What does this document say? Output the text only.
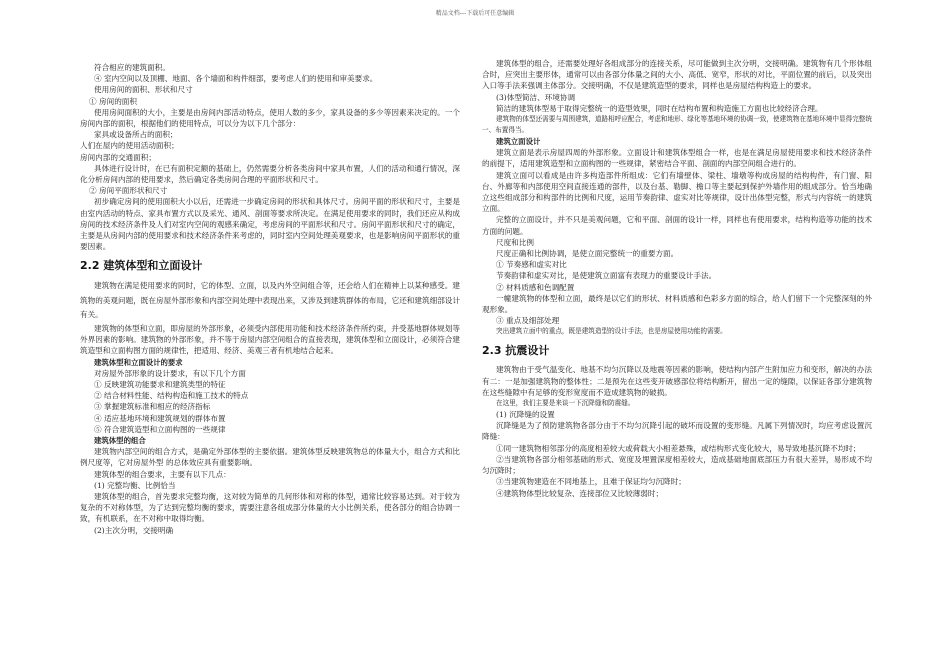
精品文档---下载后可任意编辑

符合相应的建筑面积。

④ 室内空间以及顶棚、地面、各个墙面和构件细部，要考虑人们的使用和审美要求。

使用房间的面积、形状和尺寸

① 房间的面积

使用房间面积的大小，主要是由房间内部活动特点，使用人数的多少，家具设备的多少等因素来决定的。一个房间内部的面积，根据他们的使用特点，可以分为以下几个部分：

家具或设备所占的面积；

人们在屋内的使用活动面积；

房间内部的交通面积；

具体进行设计时，在已有面积定额的基础上，仍然需要分析各类房间中家具布置，人们的活动和通行情况，深化分析房间内部的使用要求，然后确定各类房间合理的平面形状和尺寸。

② 房间平面形状和尺寸

初步确定房间的使用面积大小以后，还需进一步确定房间的形状和具体尺寸。房间平面的形状和尺寸，主要是由室内活动的特点、家具布置方式以及采光、通风、剖面等要求所决定。在满足使用要求的同时，我们还应从构成房间的技术经济条件及人们对室内空间的观感来确定，考虑房间的平面形状和尺寸。房间平面形状和尺寸的确定，主要是从房间内部的使用要求和技术经济条件来考虑的，同时室内空间处理美观要求，也是影响房间平面形状的重要因素。

2.2 建筑体型和立面设计

建筑物在满足使用要求的同时，它的体型、立面，以及内外空间组合等，还会给人们在精神上以某种感受。建筑物的美观问题，既在房屋外部形象和内部空间处理中表现出来，又涉及到建筑群体的布局，它还和建筑细部设计有关。

建筑物的体型和立面，即房屋的外部形象，必须受内部使用功能和技术经济条件所约束，并受基地群体规划等外界因素的影响。建筑物的外部形象，并不等于房屋内部空间组合的直接表现，建筑体型和立面设计，必须符合建筑造型和立面构图方面的规律性，把适用、经济、美观三者有机地结合起来。

建筑体型和立面设计的要求

对房屋外部形象的设计要求，有以下几个方面

① 反映建筑功能要求和建筑类型的特征

② 结合材料性能、结构构造和施工技术的特点

③ 掌握建筑标准和相应的经济指标

④ 适应基地环境和建筑规划的群体布置

⑤ 符合建筑造型和立面构图的一些规律

建筑体型的组合

建筑物内部空间的组合方式，是确定外部体型的主要依据。建筑体型反映建筑物总的体量大小，组合方式和比例尺度等，它对房屋外型 的总体效应具有重要影响。

建筑体型的组合要求，主要有以下几点：

(1) 完整均衡、比例恰当

建筑体型的组合，首先要求完整均衡，这对较为简单的几何形体和对称的体型，通常比较容易达到。对于较为复杂的不对称体型，为了达到完整均衡的要求，需要注意各组成部分体量的大小比例关系，使各部分的组合协调一致，有机联系，在不对称中取得均衡。

(2)主次分明，交接明确

建筑体型的组合，还需要处理好各组成部分的连接关系，尽可能做到主次分明，交接明确。建筑物有几个形体组合时，应突出主要形体，通常可以由各部分体量之间的大小、高低、宽窄，形状的对比，平面位置的前后，以及突出入口等手法来强调主体部分。交接明确，不仅是建筑造型的要求，同样也是房屋结构构造上的要求。

(3)体型简洁、环境协调

简洁的建筑体型易于取得完整统一的造型效果，同时在结构布置和构造施工方面也比较经济合理。

建筑物的体型还需要与周围建筑，道路相呼应配合，考虑和地形、绿化等基地环境的协调一致，使建筑物在基地环境中显得完整统一、布置得当。

建筑立面设计

建筑立面是表示房屋四周的外部形象。立面设计和建筑体型组合一样，也是在满足房屋使用要求和技术经济条件的前提下，适用建筑造型和立面构图的一些规律，紧密结合平面、剖面的内部空间组合进行的。

建筑立面可以看成是由许多构造部件所组成：它们有墙壁体、梁柱、墙墩等构成房屋的结构构件，有门窗、阳台、外廊等和内部使用空间直接连通的部件，以及台基、勒脚、檐口等主要起到保护外墙作用的组成部分。恰当地确立这些组成部分和构部件的比例和尺度，运用节奏韵律、虚实对比等规律，设计出体型完整，形式与内容统一的建筑立面。

完整的立面设计，并不只是美观问题，它和平面、剖面的设计一样，同样也有使用要求，结构构造等功能的技术方面的问题。

尺度和比例

尺度正确和比例协调，是使立面完整统一的重要方面。

① 节奏感和虚实对比

节奏韵律和虚实对比，是使建筑立面富有表现力的重要设计手法。

② 材料质感和色调配置

一幢建筑物的体型和立面，最终是以它们的形状、材料质感和色彩多方面的综合，给人们留下一个完整深刻的外观形象。

③ 重点及细部处理

突出建筑立面中的重点，既是建筑造型的设计手法，也是房屋使用功能的需要。

2.3 抗震设计

建筑物由于受气温变化、地基不均匀沉降以及地震等因素的影响，使结构内部产生附加应力和变形，解决的办法有二：一是加强建筑物的整体性；二是预先在这些变开破感部位将结构断开，留出一定的缝隙，以保证各部分建筑物在这些缝隙中有足够的变形宽度而不造成建筑物的破损。

在这里，我们主要是来谈一下沉降缝和防震缝。

(1) 沉降缝的设置

沉降缝是为了预防建筑物各部分由于不均匀沉降引起的破坏而设置的变形缝。凡属下列情况时，均应考虑设置沉降缝：

①同一建筑物相邻部分的高度相差较大或荷载大小相差悬殊，或结构形式变化较大，易导致地基沉降不均时；

②当建筑物各部分相邻基础的形式、宽度及埋置深度相差较大，造成基础地面底部压力有很大差异，易形成不均匀沉降时；

③当建筑物建造在不同地基上，且难于保证均匀沉降时；

④建筑物体型比较复杂、连接部位又比较薄弱时；
